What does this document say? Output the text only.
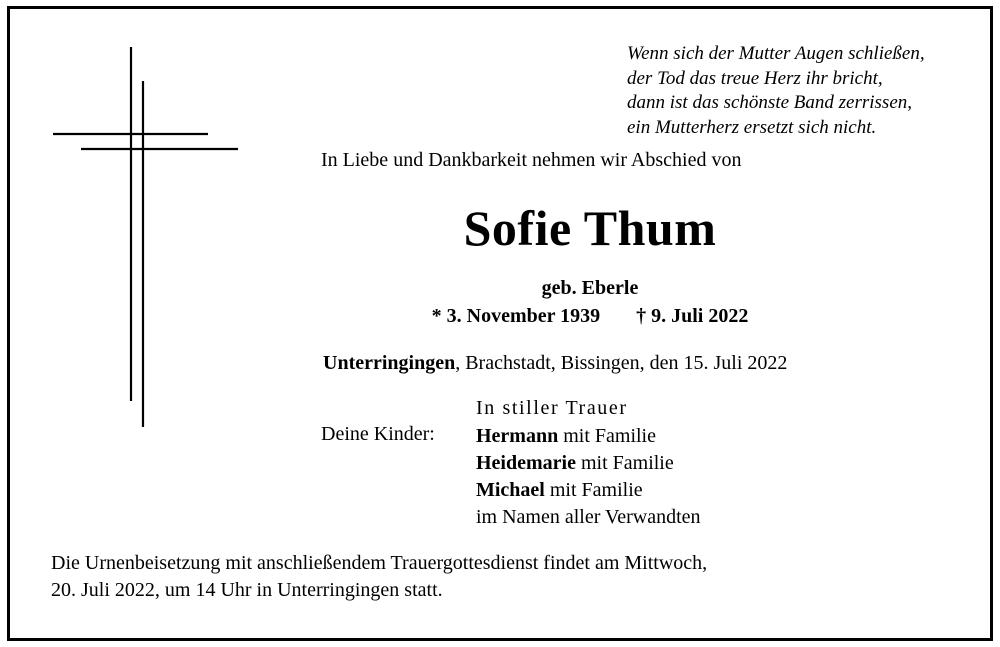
Wenn sich der Mutter Augen schließen,
der Tod das treue Herz ihr bricht,
dann ist das schönste Band zerrissen,
ein Mutterherz ersetzt sich nicht.
In Liebe und Dankbarkeit nehmen wir Abschied von
Sofie Thum
geb. Eberle
* 3. November 1939 † 9. Juli 2022
Unterringingen, Brachstadt, Bissingen, den 15. Juli 2022
In stiller Trauer
Deine Kinder: Hermann mit Familie
Heidemarie mit Familie
Michael mit Familie
im Namen aller Verwandten
Die Urnenbeisetzung mit anschließendem Trauergottesdienst findet am Mittwoch,
20. Juli 2022, um 14 Uhr in Unterringingen statt.
